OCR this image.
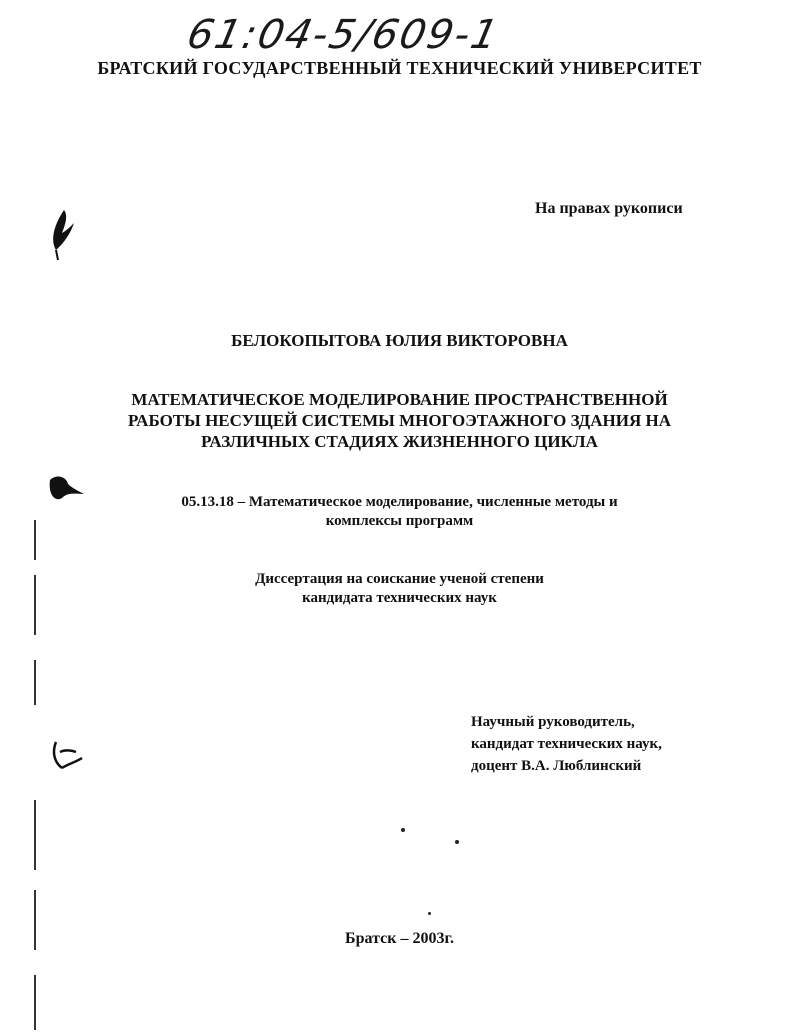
61:04-5/609-1
БРАТСКИЙ ГОСУДАРСТВЕННЫЙ ТЕХНИЧЕСКИЙ УНИВЕРСИТЕТ
На правах рукописи
БЕЛОКОПЫТОВА ЮЛИЯ ВИКТОРОВНА
МАТЕМАТИЧЕСКОЕ МОДЕЛИРОВАНИЕ ПРОСТРАНСТВЕННОЙ
РАБОТЫ НЕСУЩЕЙ СИСТЕМЫ МНОГОЭТАЖНОГО ЗДАНИЯ НА
РАЗЛИЧНЫХ СТАДИЯХ ЖИЗНЕННОГО ЦИКЛА
05.13.18 – Математическое моделирование, численные методы и
комплексы программ
Диссертация на соискание ученой степени
кандидата технических наук
Научный руководитель,
кандидат технических наук,
доцент В.А. Люблинский
Братск – 2003г.
